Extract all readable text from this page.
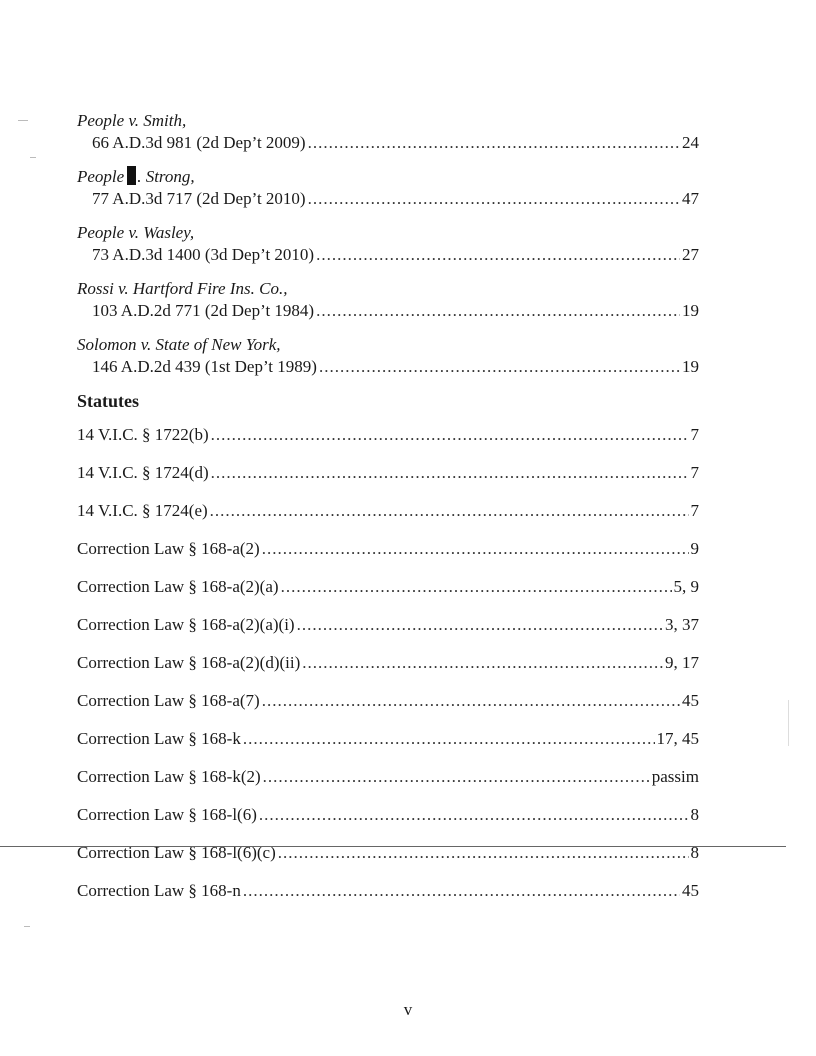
People v. Smith,
66 A.D.3d 981 (2d Dep’t 2009) .....	24
People . Strong,
77 A.D.3d 717 (2d Dep’t 2010) .....	47
People v. Wasley,
73 A.D.3d 1400 (3d Dep’t 2010) .....	27
Rossi v. Hartford Fire Ins. Co.,
103 A.D.2d 771 (2d Dep’t 1984) .....	19
Solomon v. State of New York,
146 A.D.2d 439 (1st Dep’t 1989) .....	19
Statutes
14 V.I.C. § 1722(b) .....	7
14 V.I.C. § 1724(d) .....	7
14 V.I.C. § 1724(e) .....	7
Correction Law § 168-a(2) .....	9
Correction Law § 168-a(2)(a) .....	5, 9
Correction Law § 168-a(2)(a)(i) .....	3, 37
Correction Law § 168-a(2)(d)(ii) .....	9, 17
Correction Law § 168-a(7) .....	45
Correction Law § 168-k .....	17, 45
Correction Law § 168-k(2) .....	passim
Correction Law § 168-l(6) .....	8
Correction Law § 168-l(6)(c) .....	8
Correction Law § 168-n .....	45
v
